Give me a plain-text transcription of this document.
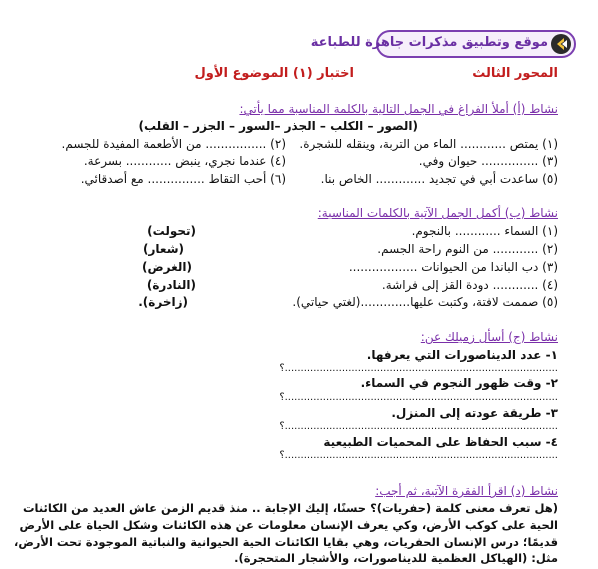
موقع وتطبيق مذكرات جاهزة للطباعة
المحور الثالث
اختبار (١) الموضوع الأول
نشاط (أ) أملأ الفراغ في الجمل التالية بالكلمة المناسبة مما يأتي:
(الصور – الكلب – الجذر –السور – الجزر – القلب)
(١) يمتص ............ الماء من التربة، وينقله للشجرة.
(٢) ................ من الأطعمة المفيدة للجسم.
(٣) ............... حيوان وفي.
(٤) عندما نجري، ينبض ............ بسرعة.
(٥) ساعدت أبي في تجديد ............. الخاص بنا.
(٦) أحب التقاط ............... مع أصدقائي.
نشاط (ب) أكمل الجمل الآتية بالكلمات المناسبة:
(١) السماء ............ بالنجوم.
(تحولت)
(٢) ............ من النوم راحة الجسم.
(شعار)
(٣) دب الباندا من الحيوانات ..................
(الغرض)
(٤) ............ دودة القز إلى فراشة.
(النادرة)
(٥) صممت لافتة، وكتبت عليها.............(لغتي حياتي).
(زاخرة).
نشاط (ج) أسأل زميلك عن:
١- عدد الديناصورات التي يعرفها.
......................................................................................؟
٢- وقت ظهور النجوم في السماء.
......................................................................................؟
٣- طريقة عودته إلى المنزل.
......................................................................................؟
٤- سبب الحفاظ على المحميات الطبيعية
......................................................................................؟
نشاط (د) اقرأ الفقرة الآتية، ثم أجب:
(هل تعرف معنى كلمة (حفريات)؟ حسنًا، إليك الإجابة .. منذ قديم الزمن عاش العديد من الكائنات
الحية على كوكب الأرض، وكي يعرف الإنسان معلومات عن هذه الكائنات وشكل الحياة على الأرض
قديمًا؛ درس الإنسان الحفريات، وهي بقايا الكائنات الحية الحيوانية والنباتية الموجودة تحت الأرض،
مثل: (الهياكل العظمية للديناصورات، والأشجار المتحجرة).
